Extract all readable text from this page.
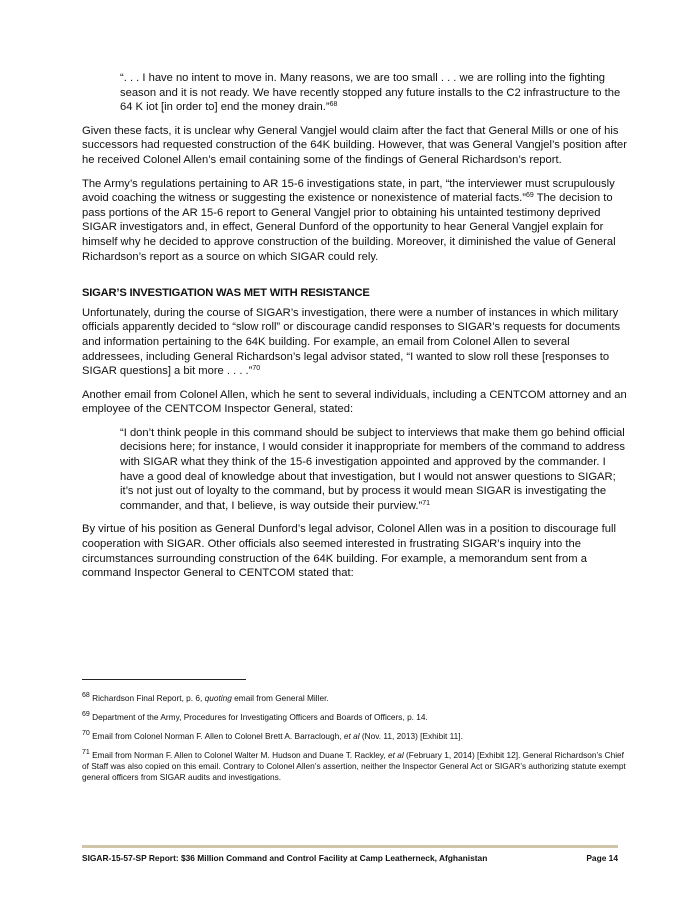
“. . . I have no intent to move in. Many reasons, we are too small . . . we are rolling into the fighting season and it is not ready. We have recently stopped any future installs to the C2 infrastructure to the 64 K iot [in order to] end the money drain.”$^{68}$

Given these facts, it is unclear why General Vangjel would claim after the fact that General Mills or one of his successors had requested construction of the 64K building. However, that was General Vangjel’s position after he received Colonel Allen’s email containing some of the findings of General Richardson’s report.

The Army’s regulations pertaining to AR 15-6 investigations state, in part, “the interviewer must scrupulously avoid coaching the witness or suggesting the existence or nonexistence of material facts.”$^{69}$ The decision to pass portions of the AR 15-6 report to General Vangjel prior to obtaining his untainted testimony deprived SIGAR investigators and, in effect, General Dunford of the opportunity to hear General Vangjel explain for himself why he decided to approve construction of the building. Moreover, it diminished the value of General Richardson’s report as a source on which SIGAR could rely.

SIGAR’S INVESTIGATION WAS MET WITH RESISTANCE

Unfortunately, during the course of SIGAR’s investigation, there were a number of instances in which military officials apparently decided to “slow roll” or discourage candid responses to SIGAR’s requests for documents and information pertaining to the 64K building. For example, an email from Colonel Allen to several addressees, including General Richardson’s legal advisor stated, “I wanted to slow roll these [responses to SIGAR questions] a bit more . . . .”$^{70}$

Another email from Colonel Allen, which he sent to several individuals, including a CENTCOM attorney and an employee of the CENTCOM Inspector General, stated:

“I don’t think people in this command should be subject to interviews that make them go behind official decisions here; for instance, I would consider it inappropriate for members of the command to address with SIGAR what they think of the 15-6 investigation appointed and approved by the commander. I have a good deal of knowledge about that investigation, but I would not answer questions to SIGAR; it’s not just out of loyalty to the command, but by process it would mean SIGAR is investigating the commander, and that, I believe, is way outside their purview.”$^{71}$

By virtue of his position as General Dunford’s legal advisor, Colonel Allen was in a position to discourage full cooperation with SIGAR. Other officials also seemed interested in frustrating SIGAR’s inquiry into the circumstances surrounding construction of the 64K building. For example, a memorandum sent from a command Inspector General to CENTCOM stated that:

$^{68}$ Richardson Final Report, p. 6, quoting email from General Miller.

$^{69}$ Department of the Army, Procedures for Investigating Officers and Boards of Officers, p. 14.

$^{70}$ Email from Colonel Norman F. Allen to Colonel Brett A. Barraclough, et al (Nov. 11, 2013) [Exhibit 11].

$^{71}$ Email from Norman F. Allen to Colonel Walter M. Hudson and Duane T. Rackley, et al (February 1, 2014) [Exhibit 12]. General Richardson’s Chief of Staff was also copied on this email. Contrary to Colonel Allen’s assertion, neither the Inspector General Act or SIGAR’s authorizing statute exempt general officers from SIGAR audits and investigations.

SIGAR-15-57-SP Report: $36 Million Command and Control Facility at Camp Leatherneck, Afghanistan	Page 14
